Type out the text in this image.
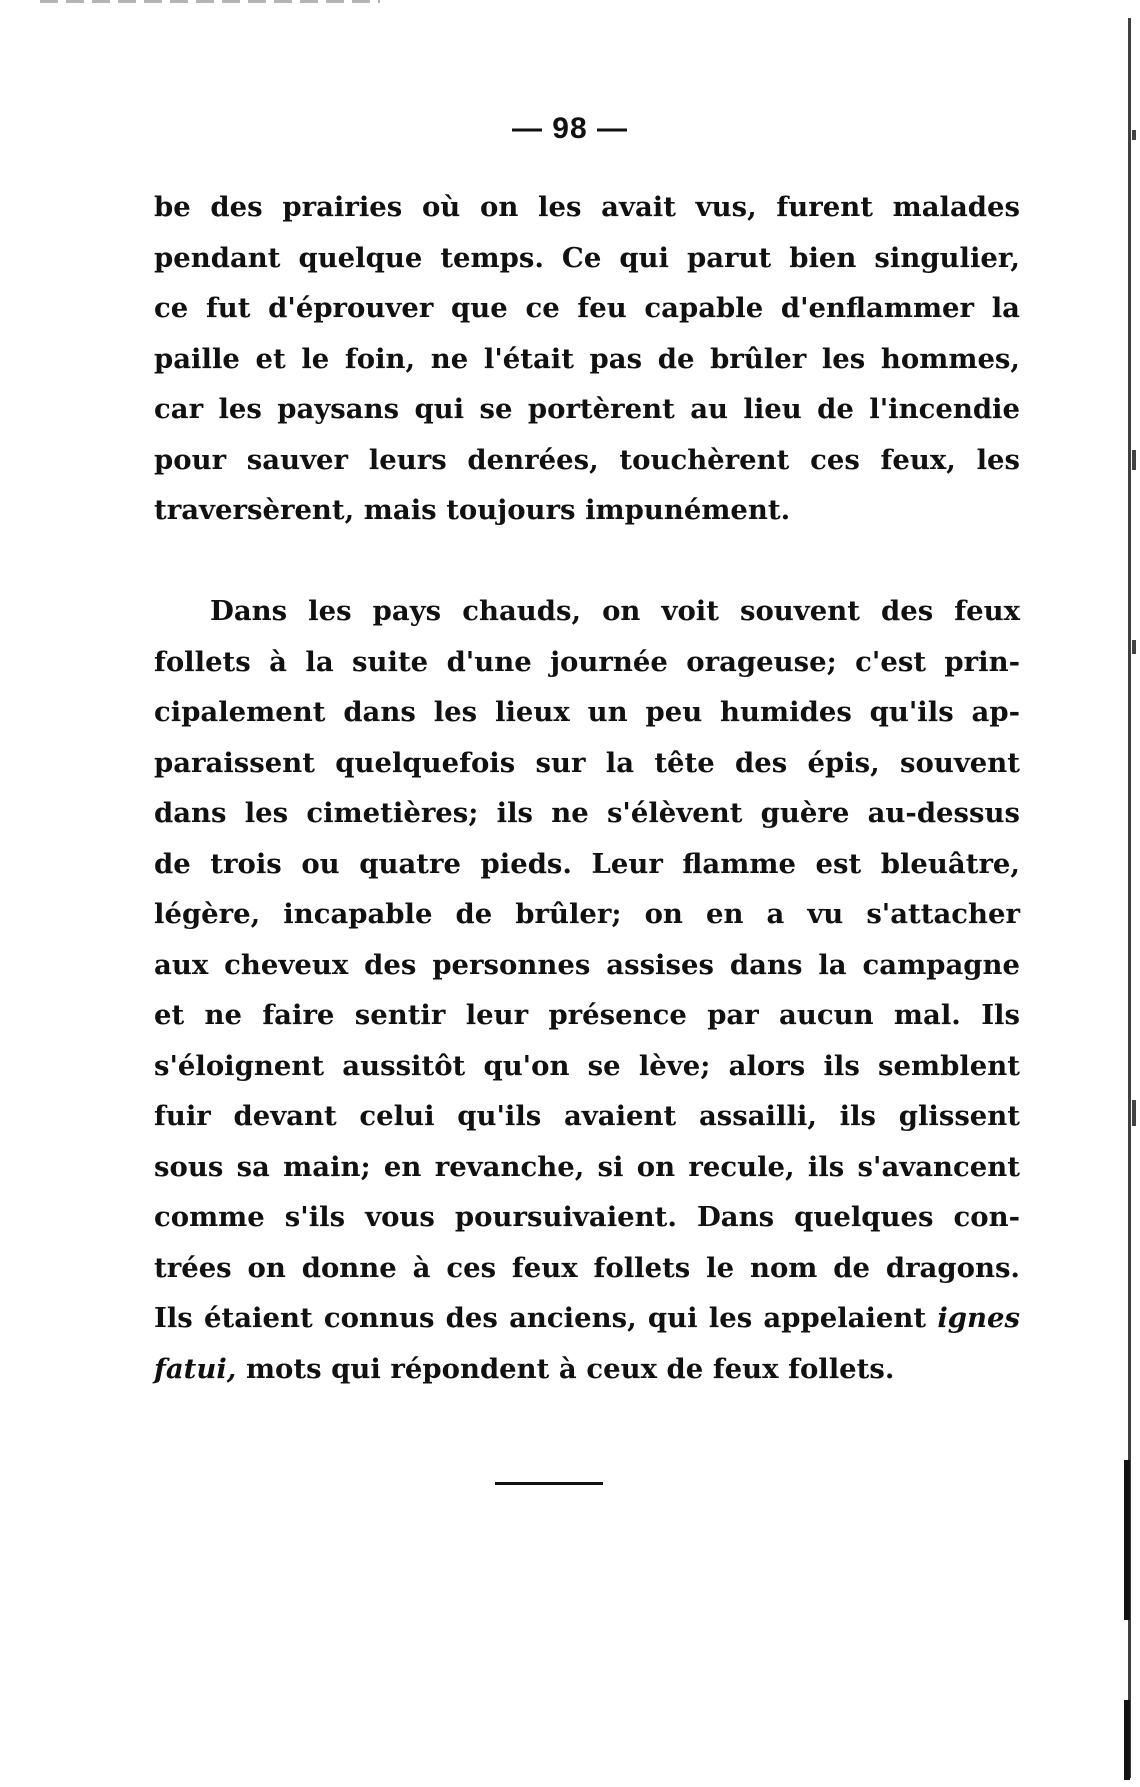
— 98 —
be des prairies où on les avait vus, furent malades
pendant quelque temps. Ce qui parut bien singulier,
ce fut d'éprouver que ce feu capable d'enflammer la
paille et le foin, ne l'était pas de brûler les hommes,
car les paysans qui se portèrent au lieu de l'incendie
pour sauver leurs denrées, touchèrent ces feux, les
traversèrent, mais toujours impunément.
Dans les pays chauds, on voit souvent des feux
follets à la suite d'une journée orageuse; c'est prin-
cipalement dans les lieux un peu humides qu'ils ap-
paraissent quelquefois sur la tête des épis, souvent
dans les cimetières; ils ne s'élèvent guère au-dessus
de trois ou quatre pieds. Leur flamme est bleuâtre,
légère, incapable de brûler; on en a vu s'attacher
aux cheveux des personnes assises dans la campagne
et ne faire sentir leur présence par aucun mal. Ils
s'éloignent aussitôt qu'on se lève; alors ils semblent
fuir devant celui qu'ils avaient assailli, ils glissent
sous sa main; en revanche, si on recule, ils s'avancent
comme s'ils vous poursuivaient. Dans quelques con-
trées on donne à ces feux follets le nom de dragons.
Ils étaient connus des anciens, qui les appelaient ignes
fatui, mots qui répondent à ceux de feux follets.
